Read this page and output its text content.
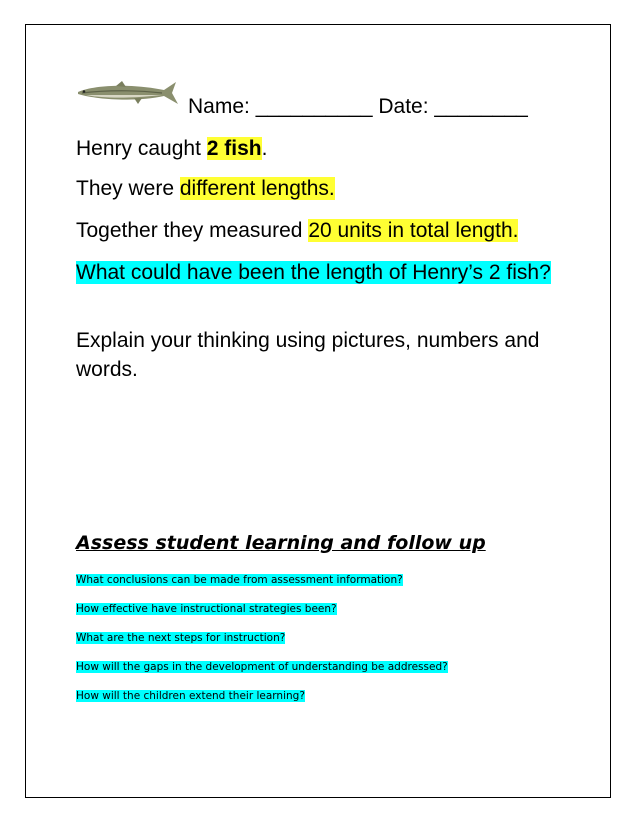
Name: __________ Date: ________
Henry caught 2 fish.
They were different lengths.
Together they measured 20 units in total length.
What could have been the length of Henry’s 2 fish?
Explain your thinking using pictures, numbers and words.
Assess student learning and follow up
What conclusions can be made from assessment information?
How effective have instructional strategies been?
What are the next steps for instruction?
How will the gaps in the development of understanding be addressed?
How will the children extend their learning?
